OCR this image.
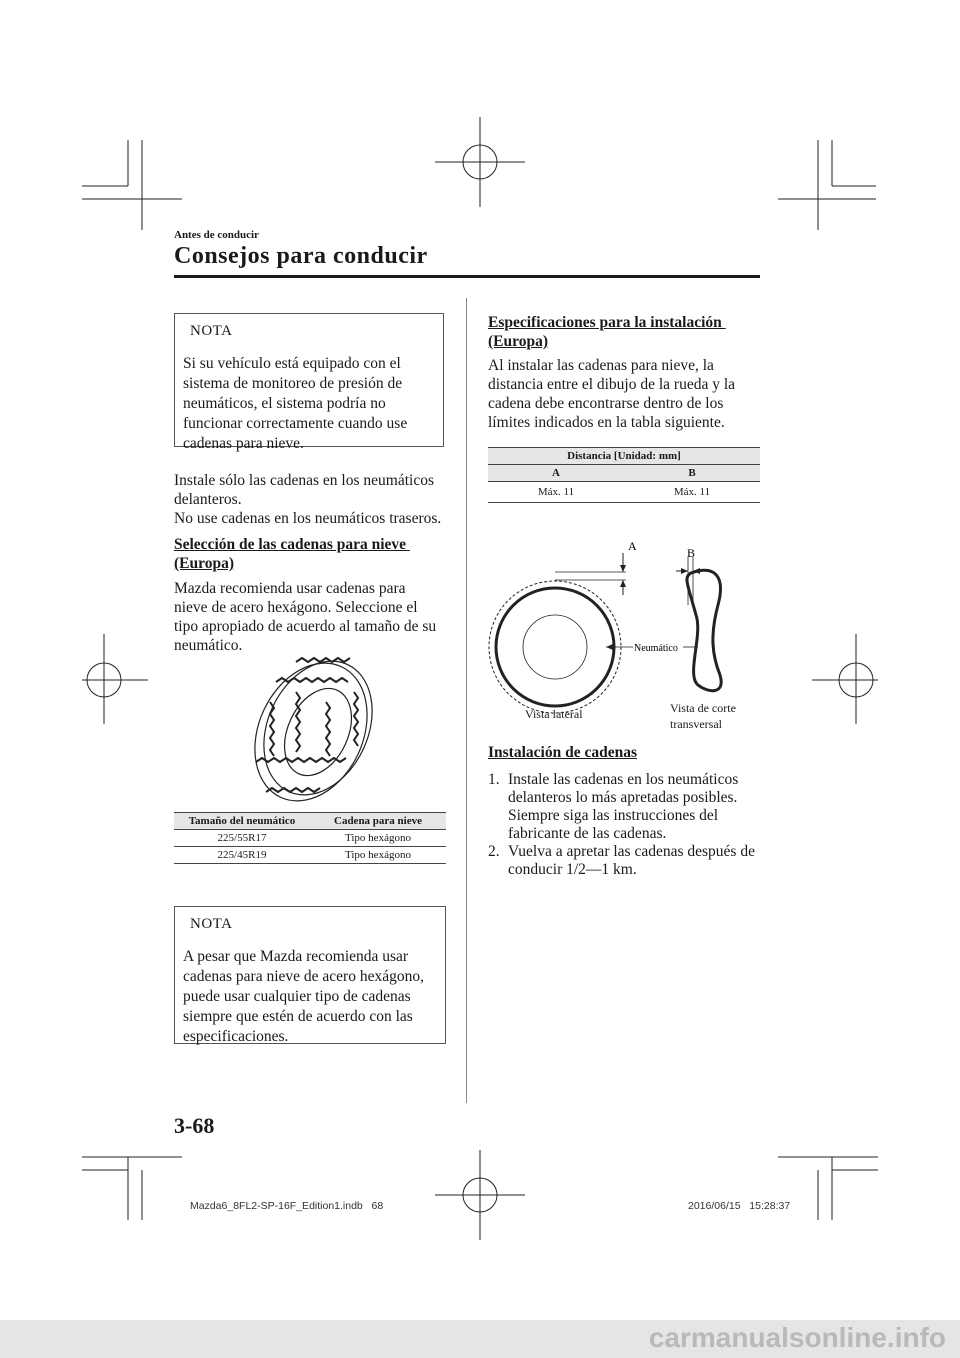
Antes de conducir
Consejos para conducir
NOTA
Si su vehículo está equipado con el
sistema de monitoreo de presión de
neumáticos, el sistema podría no
funcionar correctamente cuando use
cadenas para nieve.
Instale sólo las cadenas en los neumáticos
delanteros.
No use cadenas en los neumáticos traseros.
Selección de las cadenas para nieve
(Europa)
Mazda recomienda usar cadenas para
nieve de acero hexágono. Seleccione el
tipo apropiado de acuerdo al tamaño de su
neumático.
Tamaño del neumático	Cadena para nieve
225/55R17	Tipo hexágono
225/45R19	Tipo hexágono
NOTA
A pesar que Mazda recomienda usar
cadenas para nieve de acero hexágono,
puede usar cualquier tipo de cadenas
siempre que estén de acuerdo con las
especificaciones.
Especificaciones para la instalación
(Europa)
Al instalar las cadenas para nieve, la
distancia entre el dibujo de la rueda y la
cadena debe encontrarse dentro de los
límites indicados en la tabla siguiente.
Distancia [Unidad: mm]	
A	B
Máx. 11	Máx. 11
A	B
Neumático
Vista lateral	Vista de corte
transversal
Instalación de cadenas
1. Instale las cadenas en los neumáticos
delanteros lo más apretadas posibles.
Siempre siga las instrucciones del
fabricante de las cadenas.
2. Vuelva a apretar las cadenas después de
conducir 1/2—1 km.
3-68
Mazda6_8FL2-SP-16F_Edition1.indb   68	2016/06/15   15:28:37
carmanualsonline.info
